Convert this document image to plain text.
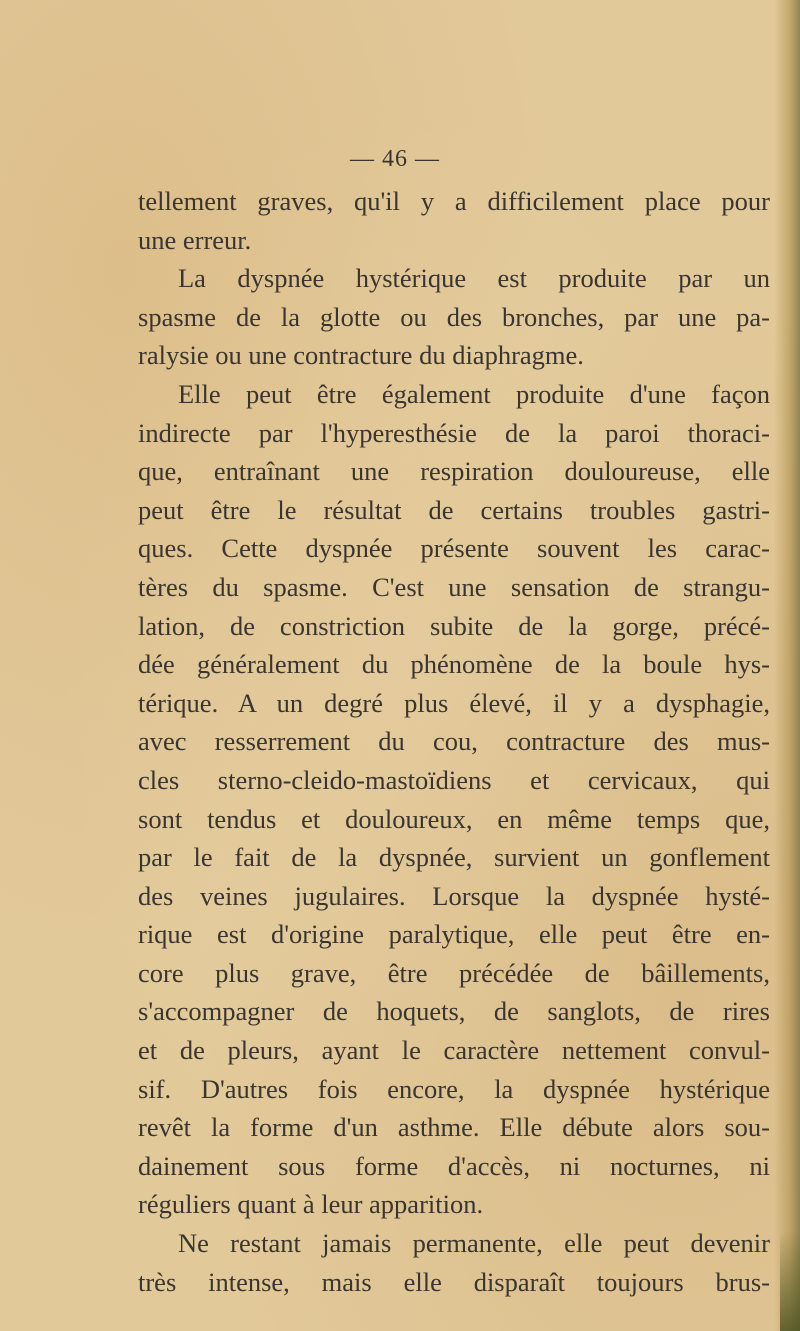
— 46 —
tellement graves, qu'il y a difficilement place pour
une erreur.
La dyspnée hystérique est produite par un
spasme de la glotte ou des bronches, par une pa-
ralysie ou une contracture du diaphragme.
Elle peut être également produite d'une façon
indirecte par l'hyperesthésie de la paroi thoraci-
que, entraînant une respiration douloureuse, elle
peut être le résultat de certains troubles gastri-
ques. Cette dyspnée présente souvent les carac-
tères du spasme. C'est une sensation de strangu-
lation, de constriction subite de la gorge, précé-
dée généralement du phénomène de la boule hys-
térique. A un degré plus élevé, il y a dysphagie,
avec resserrement du cou, contracture des mus-
cles sterno-cleido-mastoïdiens et cervicaux, qui
sont tendus et douloureux, en même temps que,
par le fait de la dyspnée, survient un gonflement
des veines jugulaires. Lorsque la dyspnée hysté-
rique est d'origine paralytique, elle peut être en-
core plus grave, être précédée de bâillements,
s'accompagner de hoquets, de sanglots, de rires
et de pleurs, ayant le caractère nettement convul-
sif. D'autres fois encore, la dyspnée hystérique
revêt la forme d'un asthme. Elle débute alors sou-
dainement sous forme d'accès, ni nocturnes, ni
réguliers quant à leur apparition.
Ne restant jamais permanente, elle peut devenir
très intense, mais elle disparaît toujours brus-
